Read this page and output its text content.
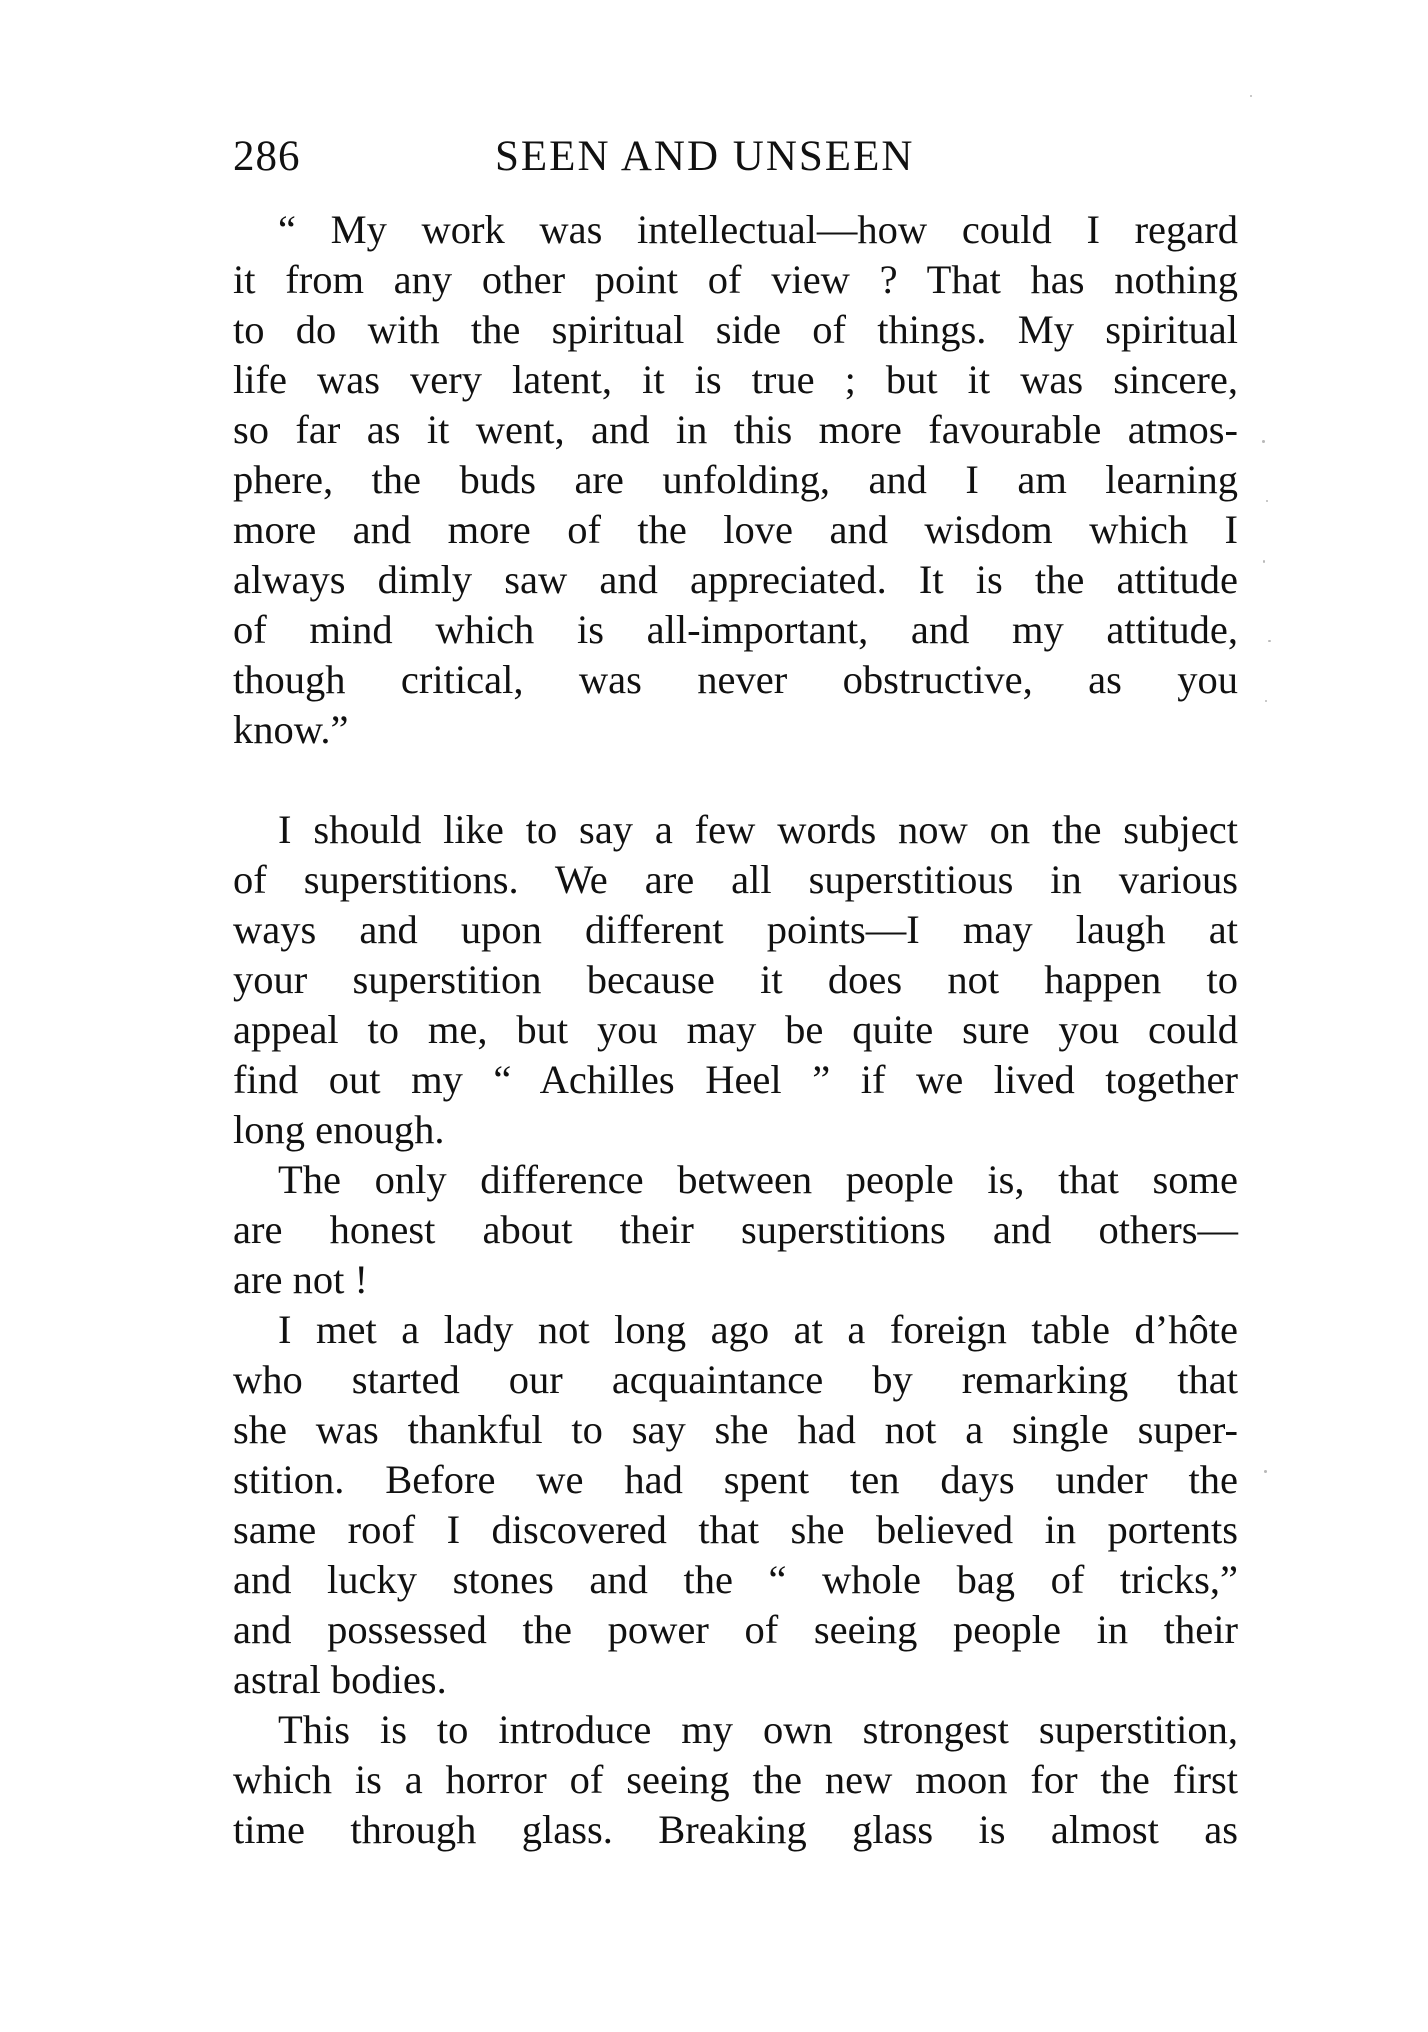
286	SEEN AND UNSEEN
“ My work was intellectual—how could I regard
it from any other point of view ? That has nothing
to do with the spiritual side of things. My spiritual
life was very latent, it is true ; but it was sincere,
so far as it went, and in this more favourable atmos-
phere, the buds are unfolding, and I am learning
more and more of the love and wisdom which I
always dimly saw and appreciated. It is the attitude
of mind which is all-important, and my attitude,
though critical, was never obstructive, as you
know.”
I should like to say a few words now on the subject
of superstitions. We are all superstitious in various
ways and upon different points—I may laugh at
your superstition because it does not happen to
appeal to me, but you may be quite sure you could
find out my “ Achilles Heel ” if we lived together
long enough.
The only difference between people is, that some
are honest about their superstitions and others—
are not !
I met a lady not long ago at a foreign table d’hôte
who started our acquaintance by remarking that
she was thankful to say she had not a single super-
stition. Before we had spent ten days under the
same roof I discovered that she believed in portents
and lucky stones and the “ whole bag of tricks,”
and possessed the power of seeing people in their
astral bodies.
This is to introduce my own strongest superstition,
which is a horror of seeing the new moon for the first
time through glass. Breaking glass is almost as
